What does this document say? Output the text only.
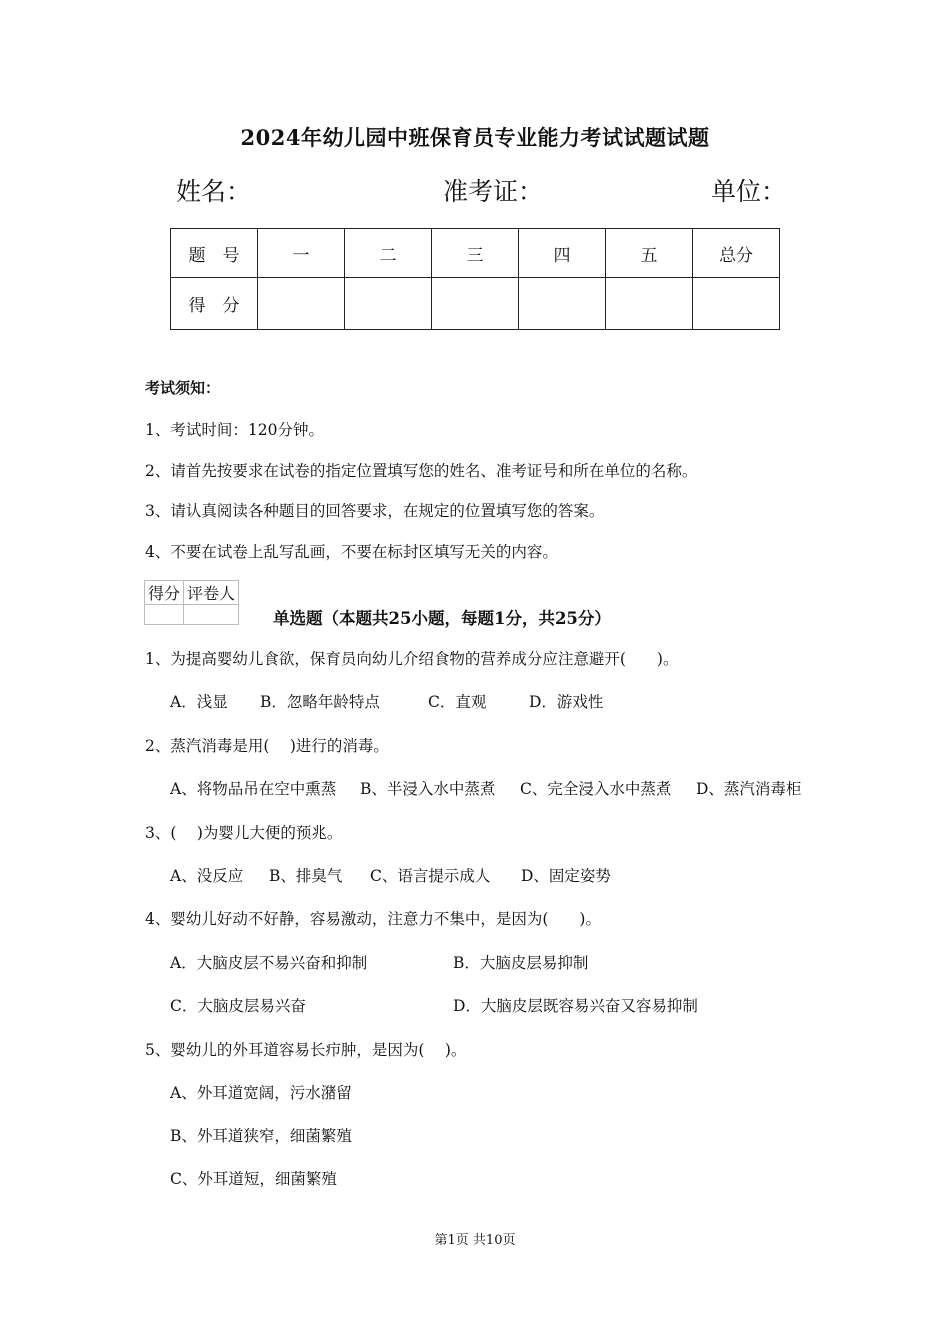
2024年幼儿园中班保育员专业能力考试试题试题
姓名：	准考证：	单位：
题　号	一	二	三	四	五	总分
得　分						
考试须知：
1、考试时间：120分钟。
2、请首先按要求在试卷的指定位置填写您的姓名、准考证号和所在单位的名称。
3、请认真阅读各种题目的回答要求，在规定的位置填写您的答案。
4、不要在试卷上乱写乱画，不要在标封区填写无关的内容。
得分	评卷人

单选题（本题共25小题，每题1分，共25分）
1、为提高婴幼儿食欲，保育员向幼儿介绍食物的营养成分应注意避开(　　)。
A．浅显 B．忽略年龄特点	C．直观	D．游戏性
2、蒸汽消毒是用(　 )进行的消毒。
A、将物品吊在空中熏蒸 B、半浸入水中蒸煮 C、完全浸入水中蒸煮 D、蒸汽消毒柜
3、(　 )为婴儿大便的预兆。
A、没反应 B、排臭气 C、语言提示成人 D、固定姿势
4、婴幼儿好动不好静，容易激动，注意力不集中，是因为(　　)。
A．大脑皮层不易兴奋和抑制	B．大脑皮层易抑制
C．大脑皮层易兴奋	D．大脑皮层既容易兴奋又容易抑制
5、婴幼儿的外耳道容易长疖肿，是因为(　 )。
A、外耳道宽阔，污水潴留
B、外耳道狭窄，细菌繁殖
C、外耳道短，细菌繁殖
第1页 共10页
